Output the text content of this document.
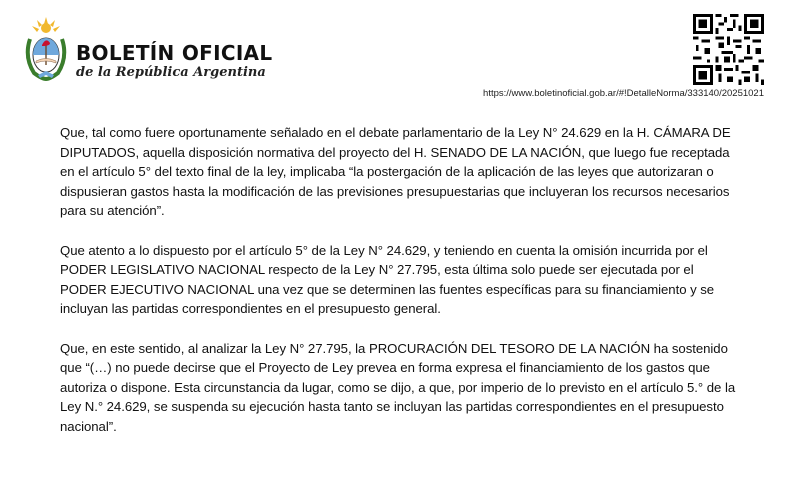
BOLETÍN OFICIAL
de la República Argentina
https://www.boletinoficial.gob.ar/#!DetalleNorma/333140/20251021

Que, tal como fuere oportunamente señalado en el debate parlamentario de la Ley N° 24.629 en la H. CÁMARA DE DIPUTADOS, aquella disposición normativa del proyecto del H. SENADO DE LA NACIÓN, que luego fue receptada en el artículo 5° del texto final de la ley, implicaba “la postergación de la aplicación de las leyes que autorizaran o dispusieran gastos hasta la modificación de las previsiones presupuestarias que incluyeran los recursos necesarios para su atención”.

Que atento a lo dispuesto por el artículo 5° de la Ley N° 24.629, y teniendo en cuenta la omisión incurrida por el PODER LEGISLATIVO NACIONAL respecto de la Ley N° 27.795, esta última solo puede ser ejecutada por el PODER EJECUTIVO NACIONAL una vez que se determinen las fuentes específicas para su financiamiento y se incluyan las partidas correspondientes en el presupuesto general.

Que, en este sentido, al analizar la Ley N° 27.795, la PROCURACIÓN DEL TESORO DE LA NACIÓN ha sostenido que “(…) no puede decirse que el Proyecto de Ley prevea en forma expresa el financiamiento de los gastos que autoriza o dispone. Esta circunstancia da lugar, como se dijo, a que, por imperio de lo previsto en el artículo 5.° de la Ley N.° 24.629, se suspenda su ejecución hasta tanto se incluyan las partidas correspondientes en el presupuesto nacional”.
